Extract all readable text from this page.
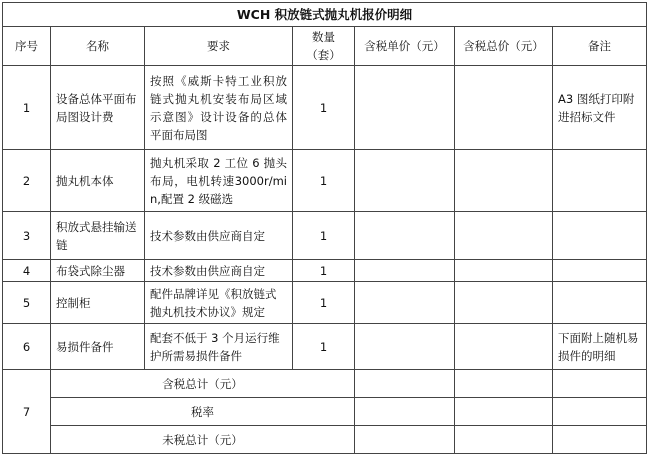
WCH 积放链式抛丸机报价明细						
序号	名称	要求	数量（套）	含税单价（元）	含税总价（元）	备注
1	设备总体平面布局图设计费	按照《威斯卡特工业积放链式抛丸机安装布局区域示意图》设计设备的总体平面布局图	1			A3 图纸打印附进招标文件
2	抛丸机本体	抛丸机采取 2 工位 6 抛头布局，电机转速3000r/min,配置 2 级磁选	1			
3	积放式悬挂输送链	技术参数由供应商自定	1			
4	布袋式除尘器	技术参数由供应商自定	1			
5	控制柜	配件品牌详见《积放链式抛丸机技术协议》规定	1			
6	易损件备件	配套不低于 3 个月运行维护所需易损件备件	1			下面附上随机易损件的明细
7	含税总计（元）					
	税率					
	未税总计（元）					
